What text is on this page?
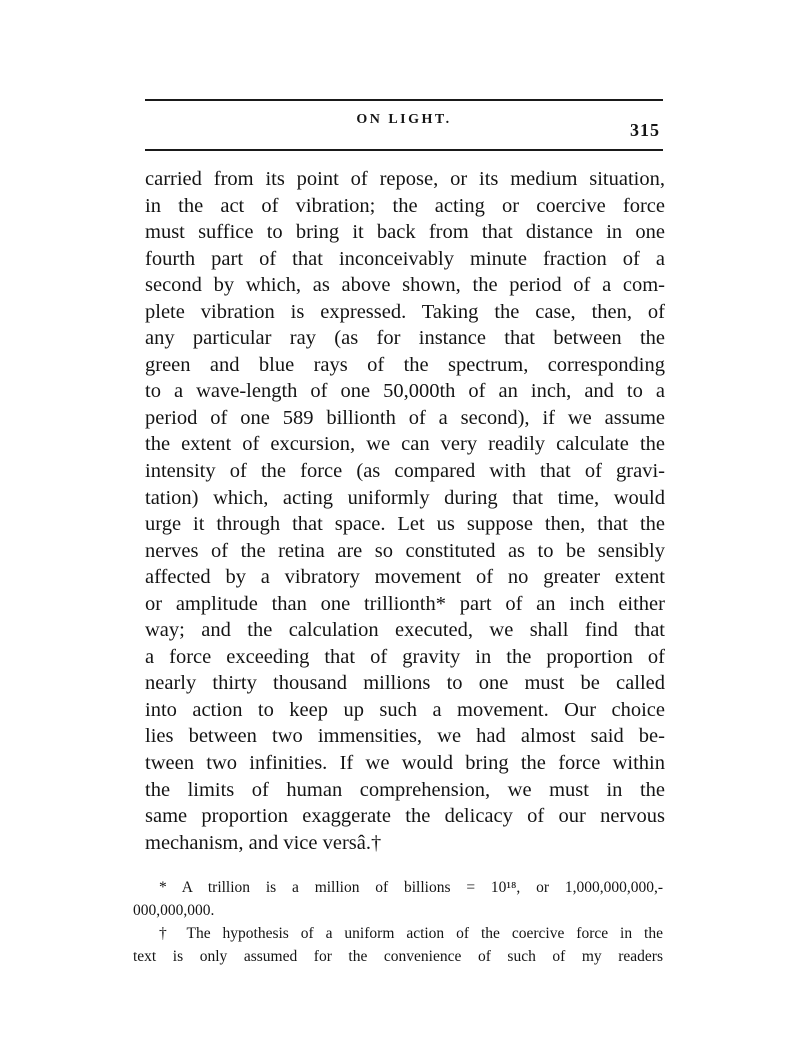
ON LIGHT.
315
carried from its point of repose, or its medium situation,
in the act of vibration; the acting or coercive force
must suffice to bring it back from that distance in one
fourth part of that inconceivably minute fraction of a
second by which, as above shown, the period of a com-
plete vibration is expressed. Taking the case, then, of
any particular ray (as for instance that between the
green and blue rays of the spectrum, corresponding
to a wave-length of one 50,000th of an inch, and to a
period of one 589 billionth of a second), if we assume
the extent of excursion, we can very readily calculate the
intensity of the force (as compared with that of gravi-
tation) which, acting uniformly during that time, would
urge it through that space. Let us suppose then, that the
nerves of the retina are so constituted as to be sensibly
affected by a vibratory movement of no greater extent
or amplitude than one trillionth* part of an inch either
way; and the calculation executed, we shall find that
a force exceeding that of gravity in the proportion of
nearly thirty thousand millions to one must be called
into action to keep up such a movement. Our choice
lies between two immensities, we had almost said be-
tween two infinities. If we would bring the force within
the limits of human comprehension, we must in the
same proportion exaggerate the delicacy of our nervous
mechanism, and vice versâ.†
* A trillion is a million of billions = 10¹⁸, or 1,000,000,000,-
000,000,000.
† The hypothesis of a uniform action of the coercive force in the
text is only assumed for the convenience of such of my readers
